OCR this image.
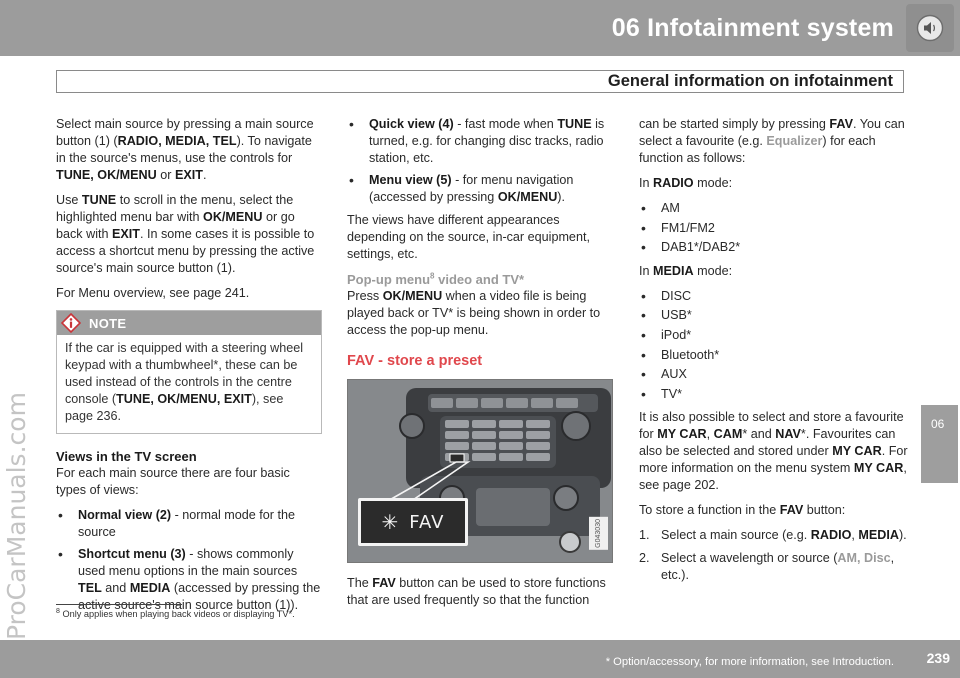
06 Infotainment system
General information on infotainment
ProCarManuals.com

Select main source by pressing a main source button (1) (RADIO, MEDIA, TEL). To navigate in the source's menus, use the controls for TUNE, OK/MENU or EXIT.

Use TUNE to scroll in the menu, select the highlighted menu bar with OK/MENU or go back with EXIT. In some cases it is possible to access a shortcut menu by pressing the active source's main source button (1).

For Menu overview, see page 241.

NOTE
If the car is equipped with a steering wheel keypad with a thumbwheel*, these can be used instead of the controls in the centre console (TUNE, OK/MENU, EXIT), see page 236.
Views in the TV screen

For each main source there are four basic types of views:

• Normal view (2) - normal mode for the source
• Shortcut menu (3) - shows commonly used menu options in the main sources TEL and MEDIA (accessed by pressing the active source's main source button (1)).
• Quick view (4) - fast mode when TUNE is turned, e.g. for changing disc tracks, radio station, etc.
• Menu view (5) - for menu navigation (accessed by pressing OK/MENU).

The views have different appearances depending on the source, in-car equipment, settings, etc.

Pop-up menu$^8$ video and TV*

Press OK/MENU when a video file is being played back or TV* is being shown in order to access the pop-up menu.

FAV - store a preset
✳ FAV	G043030

The FAV button can be used to store functions that are used frequently so that the function

can be started simply by pressing FAV. You can select a favourite (e.g. Equalizer) for each function as follows:

In RADIO mode:

• AM
• FM1/FM2
• DAB1*/DAB2*

In MEDIA mode:

• DISC
• USB*
• iPod*
• Bluetooth*
• AUX
• TV*

It is also possible to select and store a favourite for MY CAR, CAM* and NAV*. Favourites can also be selected and stored under MY CAR. For more information on the menu system MY CAR, see page 202.

To store a function in the FAV button:

1. Select a main source (e.g. RADIO, MEDIA).
2. Select a wavelength or source (AM, Disc, etc.).
06
$^8$ Only applies when playing back videos or displaying TV*.
* Option/accessory, for more information, see Introduction. 239
